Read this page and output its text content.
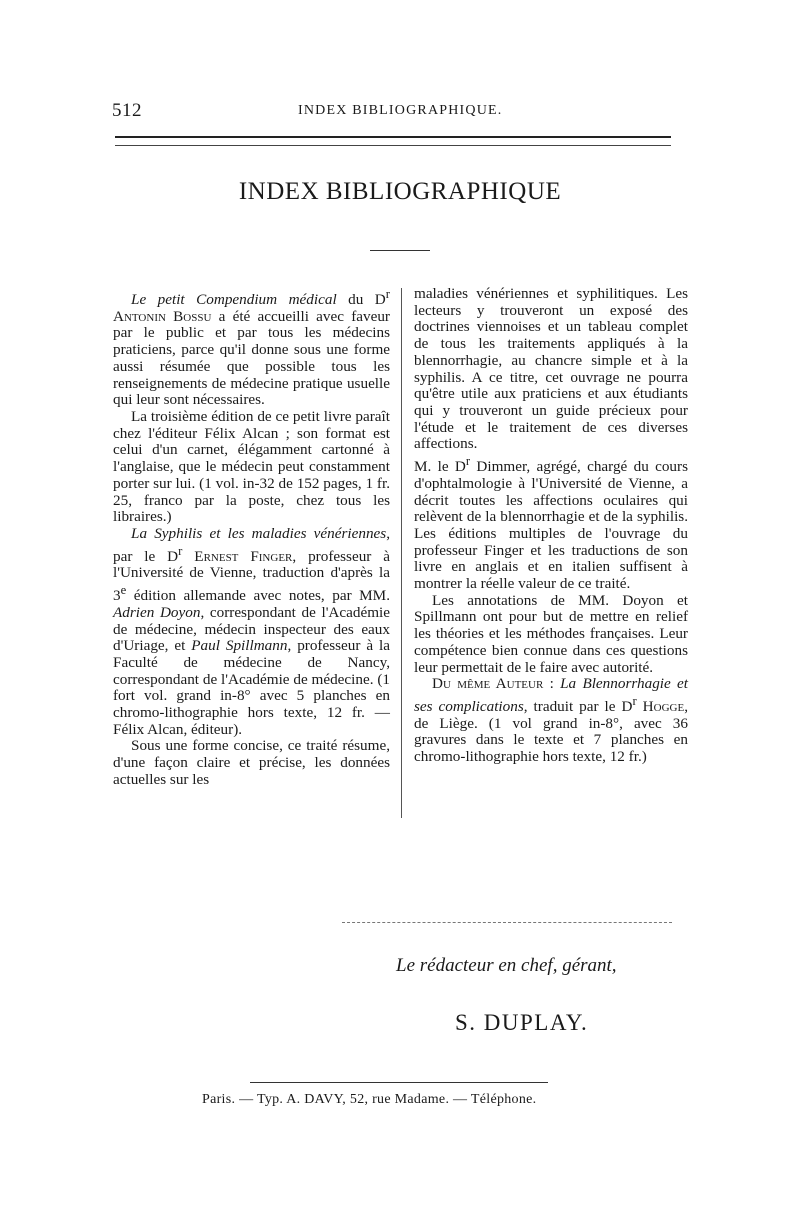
512	INDEX BIBLIOGRAPHIQUE.
INDEX BIBLIOGRAPHIQUE

Le petit Compendium médical du $D^r$ Antonin Bossu a été accueilli avec faveur par le public et par tous les médecins praticiens, parce qu'il donne sous une forme aussi résumée que possible tous les renseignements de médecine pratique usuelle qui leur sont nécessaires.

La troisième édition de ce petit livre paraît chez l'éditeur Félix Alcan ; son format est celui d'un carnet, élégamment cartonné à l'anglaise, que le médecin peut constamment porter sur lui. (1 vol. in-32 de 152 pages, 1 fr. 25, franco par la poste, chez tous les libraires.)

La Syphilis et les maladies vénériennes, par le $D^r$ Ernest Finger, professeur à l'Université de Vienne, traduction d'après la 3e édition allemande avec notes, par MM. Adrien Doyon, correspondant de l'Académie de médecine, médecin inspecteur des eaux d'Uriage, et Paul Spillmann, professeur à la Faculté de médecine de Nancy, correspondant de l'Académie de médecine. (1 fort vol. grand in-8° avec 5 planches en chromo-lithographie hors texte, 12 fr. — Félix Alcan, éditeur).

Sous une forme concise, ce traité résume, d'une façon claire et précise, les données actuelles sur les

maladies vénériennes et syphilitiques. Les lecteurs y trouveront un exposé des doctrines viennoises et un tableau complet de tous les traitements appliqués à la blennorrhagie, au chancre simple et à la syphilis. A ce titre, cet ouvrage ne pourra qu'être utile aux praticiens et aux étudiants qui y trouveront un guide précieux pour l'étude et le traitement de ces diverses affections.

M. le $D^r$ Dimmer, agrégé, chargé du cours d'ophtalmologie à l'Université de Vienne, a décrit toutes les affections oculaires qui relèvent de la blennorrhagie et de la syphilis. Les éditions multiples de l'ouvrage du professeur Finger et les traductions de son livre en anglais et en italien suffisent à montrer la réelle valeur de ce traité.

Les annotations de MM. Doyon et Spillmann ont pour but de mettre en relief les théories et les méthodes françaises. Leur compétence bien connue dans ces questions leur permettait de le faire avec autorité.

Du même Auteur : La Blennorrhagie et ses complications, traduit par le $D^r$ Hogge, de Liège. (1 vol grand in-8°, avec 36 gravures dans le texte et 7 planches en chromo-lithographie hors texte, 12 fr.)

Le rédacteur en chef, gérant,
S. DUPLAY.
Paris. — Typ. A. DAVY, 52, rue Madame. — Téléphone.
